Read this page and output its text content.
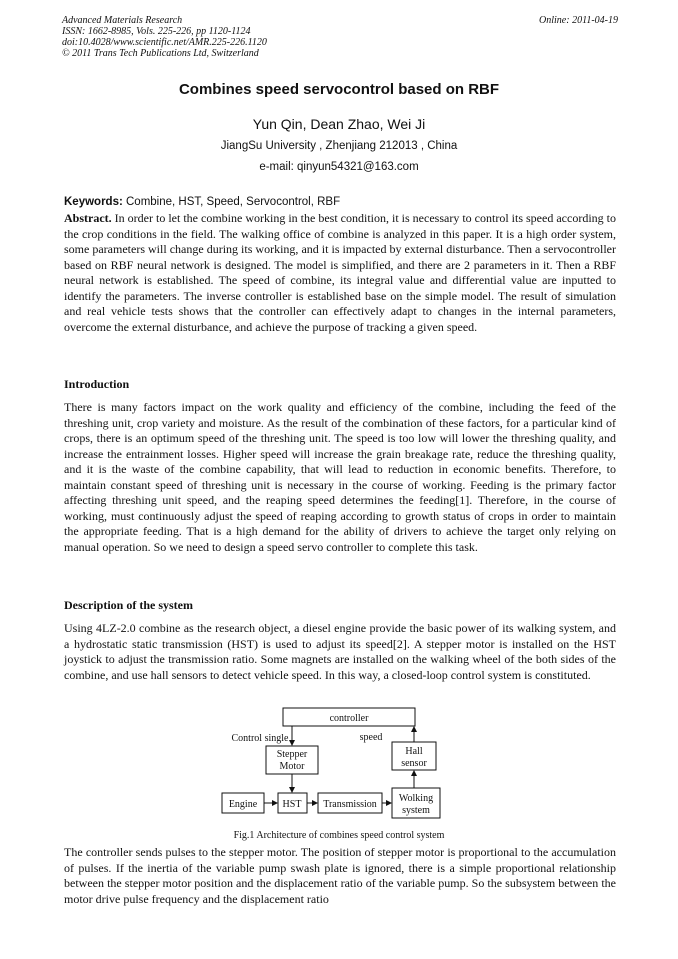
Advanced Materials Research
ISSN: 1662-8985, Vols. 225-226, pp 1120-1124
doi:10.4028/www.scientific.net/AMR.225-226.1120
© 2011 Trans Tech Publications Ltd, Switzerland
Online: 2011-04-19
Combines speed servocontrol based on RBF
Yun Qin, Dean Zhao, Wei Ji
JiangSu University , Zhenjiang 212013 , China
e-mail: qinyun54321@163.com
Keywords: Combine, HST, Speed, Servocontrol, RBF

Abstract. In order to let the combine working in the best condition, it is necessary to control its speed according to the crop conditions in the field. The walking office of combine is analyzed in this paper. It is a high order system, some parameters will change during its working, and it is impacted by external disturbance. Then a servocontroller based on RBF neural network is designed. The model is simplified, and there are 2 parameters in it. Then a RBF neural network is established. The speed of combine, its integral value and differential value are inputted to identify the parameters. The inverse controller is established base on the simple model. The result of simulation and real vehicle tests shows that the controller can effectively adapt to changes in the internal parameters, overcome the external disturbance, and achieve the purpose of tracking a given speed.

Introduction

There is many factors impact on the work quality and efficiency of the combine, including the feed of the threshing unit, crop variety and moisture. As the result of the combination of these factors, for a particular kind of crops, there is an optimum speed of the threshing unit. The speed is too low will lower the threshing quality, and increase the entrainment losses. Higher speed will increase the grain breakage rate, reduce the threshing quality, and it is the waste of the combine capability, that will lead to reduction in economic benefits. Therefore, to maintain constant speed of threshing unit is necessary in the course of working. Feeding is the primary factor affecting threshing unit speed, and the reaping speed determines the feeding[1]. Therefore, in the course of working, must continuously adjust the speed of reaping according to growth status of crops in order to maintain the appropriate feeding. That is a high demand for the ability of drivers to achieve the target only relying on manual operation. So we need to design a speed servo controller to complete this task.

Description of the system

Using 4LZ-2.0 combine as the research object, a diesel engine provide the basic power of its walking system, and a hydrostatic static transmission (HST) is used to adjust its speed[2]. A stepper motor is installed on the HST joystick to adjust the transmission ratio. Some magnets are installed on the walking wheel of the both sides of the combine, and use hall sensors to detect vehicle speed. In this way, a closed-loop control system is constituted.

controller
Stepper
Motor
Hall
sensor
Engine	HST Transmission
Wolking
system
Control single	speed
Fig.1 Architecture of combines speed control system

The controller sends pulses to the stepper motor. The position of stepper motor is proportional to the accumulation of pulses. If the inertia of the variable pump swash plate is ignored, there is a simple proportional relationship between the stepper motor position and the displacement ratio of the variable pump. So the subsystem between the motor drive pulse frequency and the displacement ratio
